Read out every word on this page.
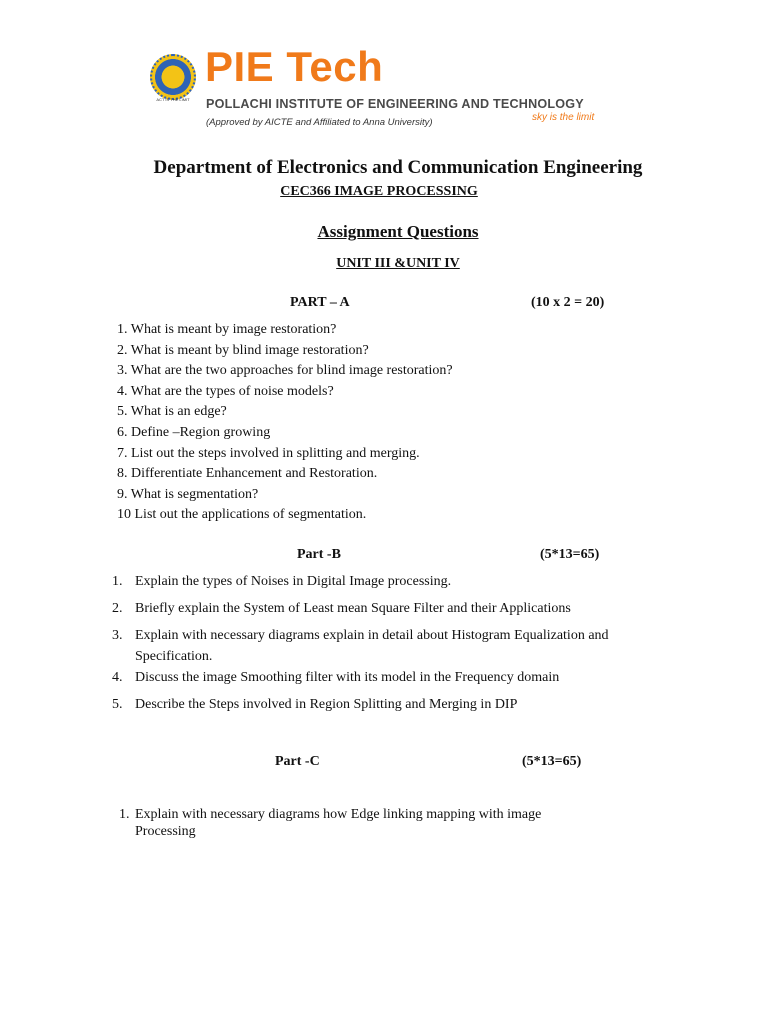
ACT IS THE LIMIT
PIE Tech
POLLACHI INSTITUTE OF ENGINEERING AND TECHNOLOGY
(Approved by AICTE and Affiliated to Anna University)	sky is the limit
Department of Electronics and Communication Engineering
CEC366 IMAGE PROCESSING
Assignment Questions
UNIT III &UNIT IV
PART – A	(10 x 2 = 20)
1. What is meant by image restoration?
2. What is meant by blind image restoration?
3. What are the two approaches for blind image restoration?
4. What are the types of noise models?
5. What is an edge?
6. Define –Region growing
7. List out the steps involved in splitting and merging.
8. Differentiate Enhancement and Restoration.
9. What is segmentation?
10 List out the applications of segmentation.
Part -B	(5*13=65)
1. Explain the types of Noises in Digital Image processing.
2. Briefly explain the System of Least mean Square Filter and their Applications
3. Explain with necessary diagrams explain in detail about Histogram Equalization and Specification.
4. Discuss the image Smoothing filter with its model in the Frequency domain
5. Describe the Steps involved in Region Splitting and Merging in DIP
Part -C	(5*13=65)
1. Explain with necessary diagrams how Edge linking mapping with image Processing
